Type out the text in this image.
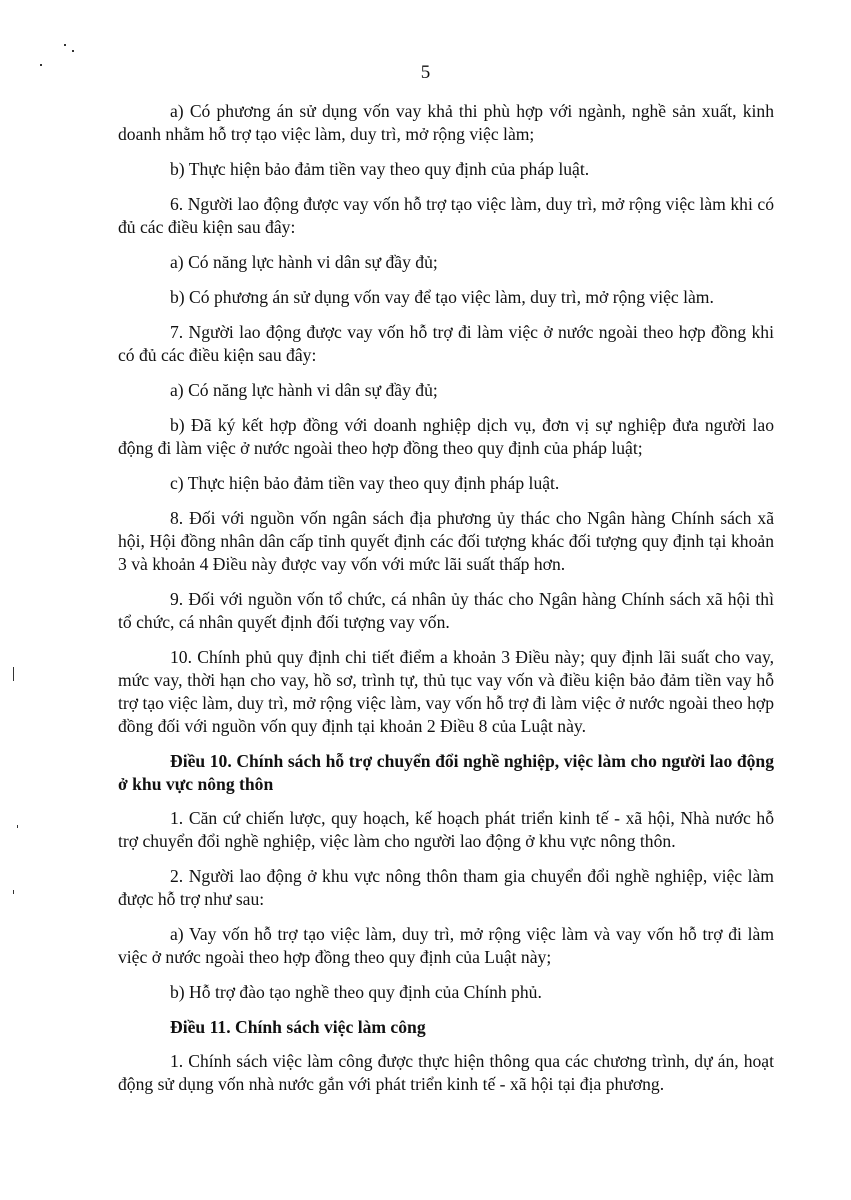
5

a) Có phương án sử dụng vốn vay khả thi phù hợp với ngành, nghề sản xuất, kinh doanh nhằm hỗ trợ tạo việc làm, duy trì, mở rộng việc làm;

b) Thực hiện bảo đảm tiền vay theo quy định của pháp luật.

6. Người lao động được vay vốn hỗ trợ tạo việc làm, duy trì, mở rộng việc làm khi có đủ các điều kiện sau đây:

a) Có năng lực hành vi dân sự đầy đủ;

b) Có phương án sử dụng vốn vay để tạo việc làm, duy trì, mở rộng việc làm.

7. Người lao động được vay vốn hỗ trợ đi làm việc ở nước ngoài theo hợp đồng khi có đủ các điều kiện sau đây:

a) Có năng lực hành vi dân sự đầy đủ;

b) Đã ký kết hợp đồng với doanh nghiệp dịch vụ, đơn vị sự nghiệp đưa người lao động đi làm việc ở nước ngoài theo hợp đồng theo quy định của pháp luật;

c) Thực hiện bảo đảm tiền vay theo quy định pháp luật.

8. Đối với nguồn vốn ngân sách địa phương ủy thác cho Ngân hàng Chính sách xã hội, Hội đồng nhân dân cấp tỉnh quyết định các đối tượng khác đối tượng quy định tại khoản 3 và khoản 4 Điều này được vay vốn với mức lãi suất thấp hơn.

9. Đối với nguồn vốn tổ chức, cá nhân ủy thác cho Ngân hàng Chính sách xã hội thì tổ chức, cá nhân quyết định đối tượng vay vốn.

10. Chính phủ quy định chi tiết điểm a khoản 3 Điều này; quy định lãi suất cho vay, mức vay, thời hạn cho vay, hồ sơ, trình tự, thủ tục vay vốn và điều kiện bảo đảm tiền vay hỗ trợ tạo việc làm, duy trì, mở rộng việc làm, vay vốn hỗ trợ đi làm việc ở nước ngoài theo hợp đồng đối với nguồn vốn quy định tại khoản 2 Điều 8 của Luật này.

Điều 10. Chính sách hỗ trợ chuyển đổi nghề nghiệp, việc làm cho người lao động ở khu vực nông thôn

1. Căn cứ chiến lược, quy hoạch, kế hoạch phát triển kinh tế - xã hội, Nhà nước hỗ trợ chuyển đổi nghề nghiệp, việc làm cho người lao động ở khu vực nông thôn.

2. Người lao động ở khu vực nông thôn tham gia chuyển đổi nghề nghiệp, việc làm được hỗ trợ như sau:

a) Vay vốn hỗ trợ tạo việc làm, duy trì, mở rộng việc làm và vay vốn hỗ trợ đi làm việc ở nước ngoài theo hợp đồng theo quy định của Luật này;

b) Hỗ trợ đào tạo nghề theo quy định của Chính phủ.

Điều 11. Chính sách việc làm công

1. Chính sách việc làm công được thực hiện thông qua các chương trình, dự án, hoạt động sử dụng vốn nhà nước gắn với phát triển kinh tế - xã hội tại địa phương.
